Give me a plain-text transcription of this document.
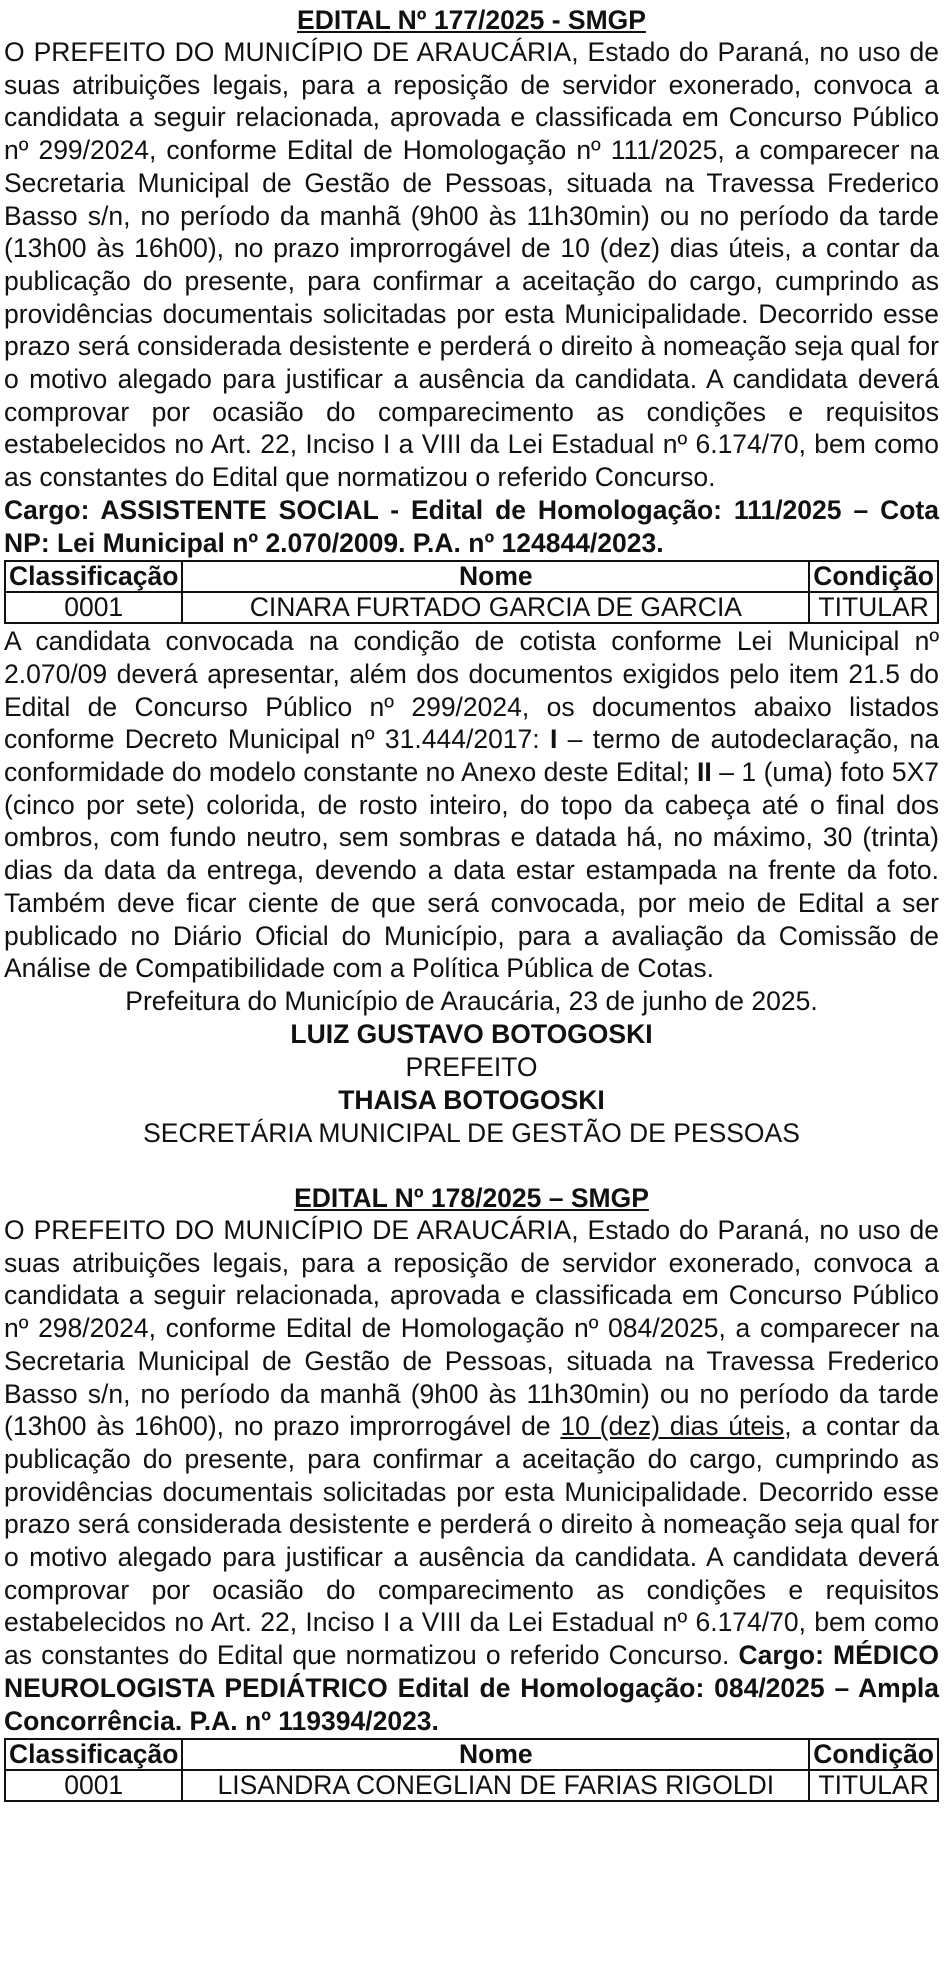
EDITAL Nº 177/2025 - SMGP

O PREFEITO DO MUNICÍPIO DE ARAUCÁRIA, Estado do Paraná, no uso de suas atribuições legais, para a reposição de servidor exonerado, convoca a candidata a seguir relacionada, aprovada e classificada em Concurso Público nº 299/2024, conforme Edital de Homologação nº 111/2025, a comparecer na Secretaria Municipal de Gestão de Pessoas, situada na Travessa Frederico Basso s/n, no período da manhã (9h00 às 11h30min) ou no período da tarde (13h00 às 16h00), no prazo improrrogável de 10 (dez) dias úteis, a contar da publicação do presente, para confirmar a aceitação do cargo, cumprindo as providências documentais solicitadas por esta Municipalidade. Decorrido esse prazo será considerada desistente e perderá o direito à nomeação seja qual for o motivo alegado para justificar a ausência da candidata. A candidata deverá comprovar por ocasião do comparecimento as condições e requisitos estabelecidos no Art. 22, Inciso I a VIII da Lei Estadual nº 6.174/70, bem como as constantes do Edital que normatizou o referido Concurso.

Cargo: ASSISTENTE SOCIAL - Edital de Homologação: 111/2025 – Cota NP: Lei Municipal nº 2.070/2009. P.A. nº 124844/2023.

Classificação	Nome	Condição
0001	CINARA FURTADO GARCIA DE GARCIA	TITULAR

A candidata convocada na condição de cotista conforme Lei Municipal nº 2.070/09 deverá apresentar, além dos documentos exigidos pelo item 21.5 do Edital de Concurso Público nº 299/2024, os documentos abaixo listados conforme Decreto Municipal nº 31.444/2017: I – termo de autodeclaração, na conformidade do modelo constante no Anexo deste Edital; II – 1 (uma) foto 5X7 (cinco por sete) colorida, de rosto inteiro, do topo da cabeça até o final dos ombros, com fundo neutro, sem sombras e datada há, no máximo, 30 (trinta) dias da data da entrega, devendo a data estar estampada na frente da foto. Também deve ficar ciente de que será convocada, por meio de Edital a ser publicado no Diário Oficial do Município, para a avaliação da Comissão de Análise de Compatibilidade com a Política Pública de Cotas.

Prefeitura do Município de Araucária, 23 de junho de 2025.
LUIZ GUSTAVO BOTOGOSKI
PREFEITO
THAISA BOTOGOSKI
SECRETÁRIA MUNICIPAL DE GESTÃO DE PESSOAS
EDITAL Nº 178/2025 – SMGP

O PREFEITO DO MUNICÍPIO DE ARAUCÁRIA, Estado do Paraná, no uso de suas atribuições legais, para a reposição de servidor exonerado, convoca a candidata a seguir relacionada, aprovada e classificada em Concurso Público nº 298/2024, conforme Edital de Homologação nº 084/2025, a comparecer na Secretaria Municipal de Gestão de Pessoas, situada na Travessa Frederico Basso s/n, no período da manhã (9h00 às 11h30min) ou no período da tarde (13h00 às 16h00), no prazo improrrogável de 10 (dez) dias úteis, a contar da publicação do presente, para confirmar a aceitação do cargo, cumprindo as providências documentais solicitadas por esta Municipalidade. Decorrido esse prazo será considerada desistente e perderá o direito à nomeação seja qual for o motivo alegado para justificar a ausência da candidata. A candidata deverá comprovar por ocasião do comparecimento as condições e requisitos estabelecidos no Art. 22, Inciso I a VIII da Lei Estadual nº 6.174/70, bem como as constantes do Edital que normatizou o referido Concurso. Cargo: MÉDICO NEUROLOGISTA PEDIÁTRICO Edital de Homologação: 084/2025 – Ampla Concorrência. P.A. nº 119394/2023.

Classificação	Nome	Condição
0001	LISANDRA CONEGLIAN DE FARIAS RIGOLDI	TITULAR
